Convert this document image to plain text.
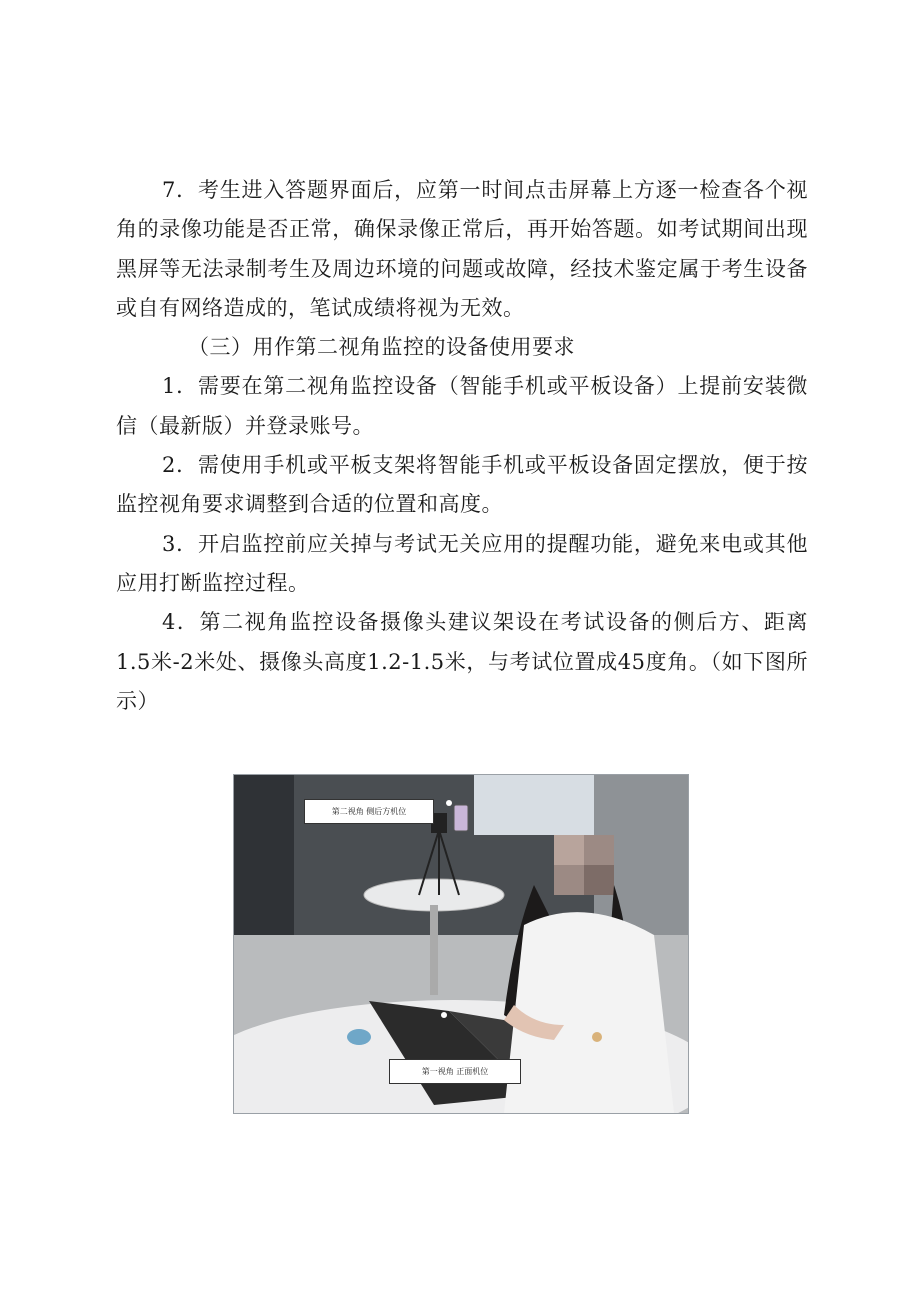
7．考生进入答题界面后，应第一时间点击屏幕上方逐一检查各个视角的录像功能是否正常，确保录像正常后，再开始答题。如考试期间出现黑屏等无法录制考生及周边环境的问题或故障，经技术鉴定属于考生设备或自有网络造成的，笔试成绩将视为无效。

（三）用作第二视角监控的设备使用要求

1．需要在第二视角监控设备（智能手机或平板设备）上提前安装微信（最新版）并登录账号。

2．需使用手机或平板支架将智能手机或平板设备固定摆放，便于按监控视角要求调整到合适的位置和高度。

3．开启监控前应关掉与考试无关应用的提醒功能，避免来电或其他应用打断监控过程。

4．第二视角监控设备摄像头建议架设在考试设备的侧后方、距离1.5米-2米处、摄像头高度1.2-1.5米，与考试位置成45度角。（如下图所示）

第二视角 侧后方机位
第一视角 正面机位
